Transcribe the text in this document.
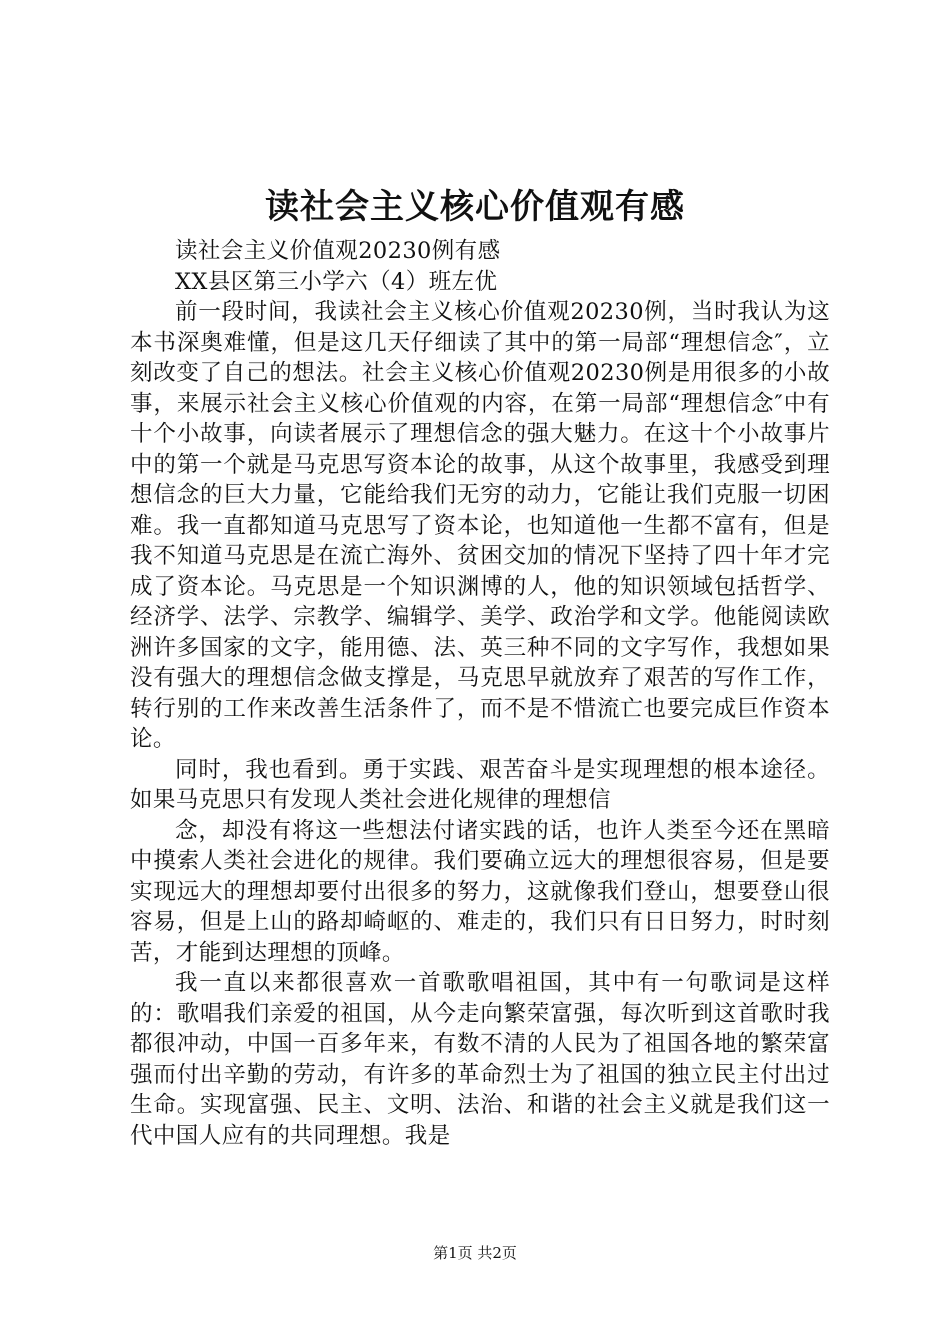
读社会主义核心价值观有感

读社会主义价值观20230例有感

XX县区第三小学六（4）班左优

前一段时间，我读社会主义核心价值观20230例，当时我认为这本书深奥难懂，但是这几天仔细读了其中的第一局部“理想信念″，立刻改变了自己的想法。社会主义核心价值观20230例是用很多的小故事，来展示社会主义核心价值观的内容，在第一局部“理想信念″中有十个小故事，向读者展示了理想信念的强大魅力。在这十个小故事片中的第一个就是马克思写资本论的故事，从这个故事里，我感受到理想信念的巨大力量，它能给我们无穷的动力，它能让我们克服一切困难。我一直都知道马克思写了资本论，也知道他一生都不富有，但是我不知道马克思是在流亡海外、贫困交加的情况下坚持了四十年才完成了资本论。马克思是一个知识渊博的人，他的知识领域包括哲学、经济学、法学、宗教学、编辑学、美学、政治学和文学。他能阅读欧洲许多国家的文字，能用德、法、英三种不同的文字写作，我想如果没有强大的理想信念做支撑是，马克思早就放弃了艰苦的写作工作，转行别的工作来改善生活条件了，而不是不惜流亡也要完成巨作资本论。

同时，我也看到。勇于实践、艰苦奋斗是实现理想的根本途径。如果马克思只有发现人类社会进化规律的理想信

念，却没有将这一些想法付诸实践的话，也许人类至今还在黑暗中摸索人类社会进化的规律。我们要确立远大的理想很容易，但是要实现远大的理想却要付出很多的努力，这就像我们登山，想要登山很容易，但是上山的路却崎岖的、难走的，我们只有日日努力，时时刻苦，才能到达理想的顶峰。

我一直以来都很喜欢一首歌歌唱祖国，其中有一句歌词是这样的：歌唱我们亲爱的祖国，从今走向繁荣富强，每次听到这首歌时我都很冲动，中国一百多年来，有数不清的人民为了祖国各地的繁荣富强而付出辛勤的劳动，有许多的革命烈士为了祖国的独立民主付出过生命。实现富强、民主、文明、法治、和谐的社会主义就是我们这一代中国人应有的共同理想。我是

第1页 共2页
